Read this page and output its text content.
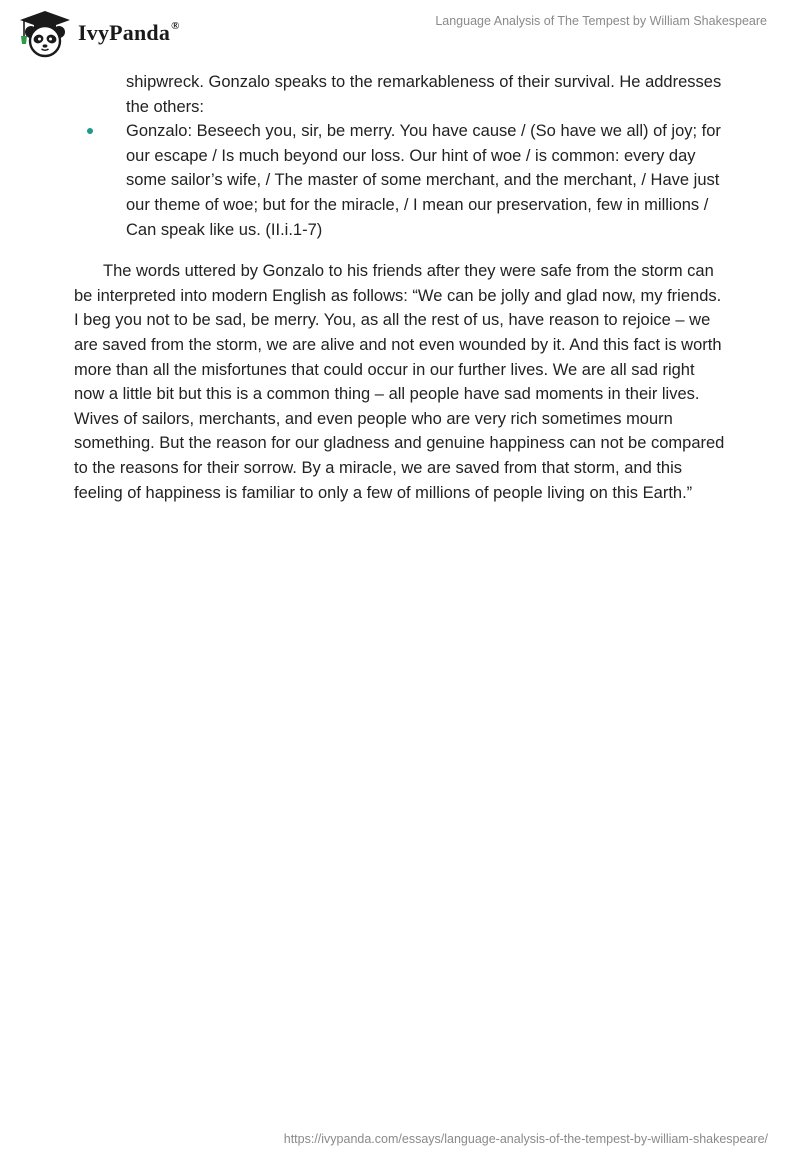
IvyPanda®	Language Analysis of The Tempest by William Shakespeare
shipwreck. Gonzalo speaks to the remarkableness of their survival. He addresses the others:
Gonzalo: Beseech you, sir, be merry. You have cause / (So have we all) of joy; for our escape / Is much beyond our loss. Our hint of woe / is common: every day some sailor’s wife, / The master of some merchant, and the merchant, / Have just our theme of woe; but for the miracle, / I mean our preservation, few in millions / Can speak like us. (II.i.1-7)

The words uttered by Gonzalo to his friends after they were safe from the storm can be interpreted into modern English as follows: “We can be jolly and glad now, my friends. I beg you not to be sad, be merry. You, as all the rest of us, have reason to rejoice – we are saved from the storm, we are alive and not even wounded by it. And this fact is worth more than all the misfortunes that could occur in our further lives. We are all sad right now a little bit but this is a common thing – all people have sad moments in their lives. Wives of sailors, merchants, and even people who are very rich sometimes mourn something. But the reason for our gladness and genuine happiness can not be compared to the reasons for their sorrow. By a miracle, we are saved from that storm, and this feeling of happiness is familiar to only a few of millions of people living on this Earth.”

https://ivypanda.com/essays/language-analysis-of-the-tempest-by-william-shakespeare/
